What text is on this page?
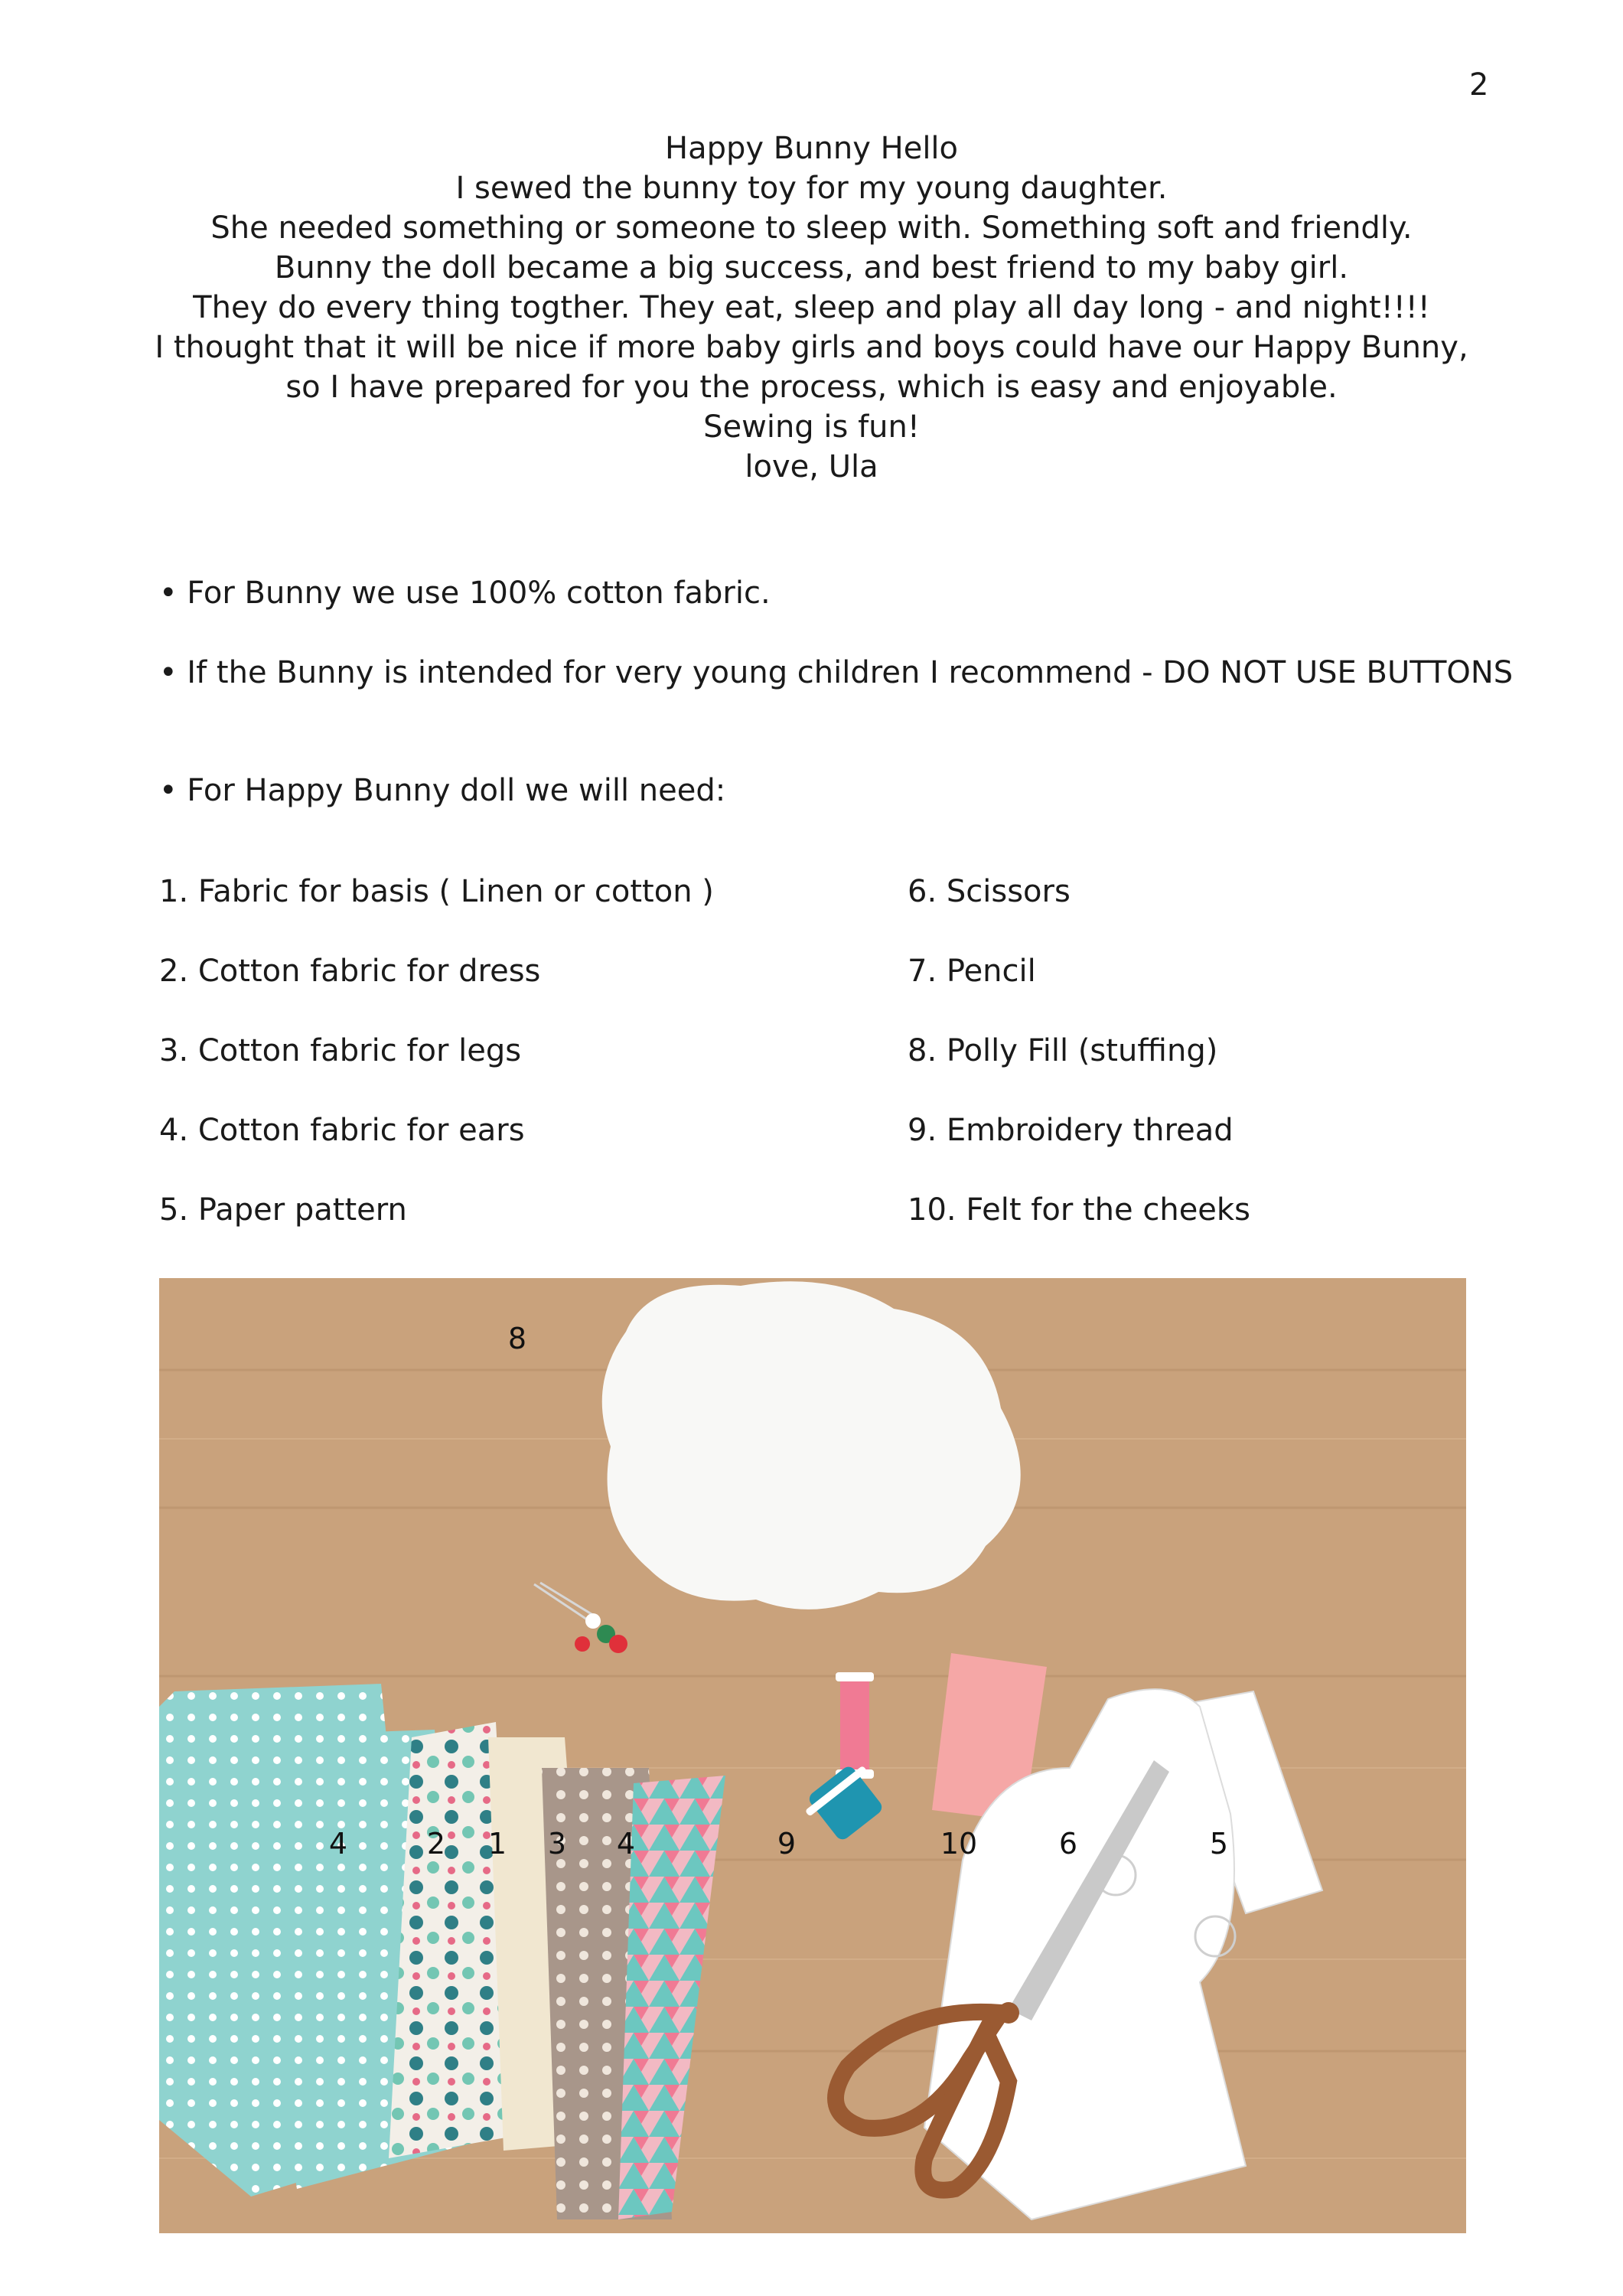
2
Happy Bunny Hello
I sewed the bunny toy for my young daughter.
She needed something or someone to sleep with. Something soft and friendly.
Bunny the doll became a big success, and best friend to my baby girl.
They do every thing togther. They eat, sleep and play all day long - and night!!!!
I thought that it will be nice if more baby girls and boys could have our Happy Bunny,
so I have prepared for you the process, which is easy and enjoyable.
Sewing is fun!
love, Ula
• For Bunny we use 100% cotton fabric.
• If the Bunny is intended for very young children I recommend - DO NOT USE BUTTONS
• For Happy Bunny doll we will need:
1. Fabric for basis ( Linen or cotton )
2. Cotton fabric for dress
3. Cotton fabric for legs
4. Cotton fabric for ears
5. Paper pattern
6. Scissors
7. Pencil
8. Polly Fill (stuffing)
9. Embroidery thread
10. Felt for the cheeks
8
4	2 1 3 4	9	10	6	5
